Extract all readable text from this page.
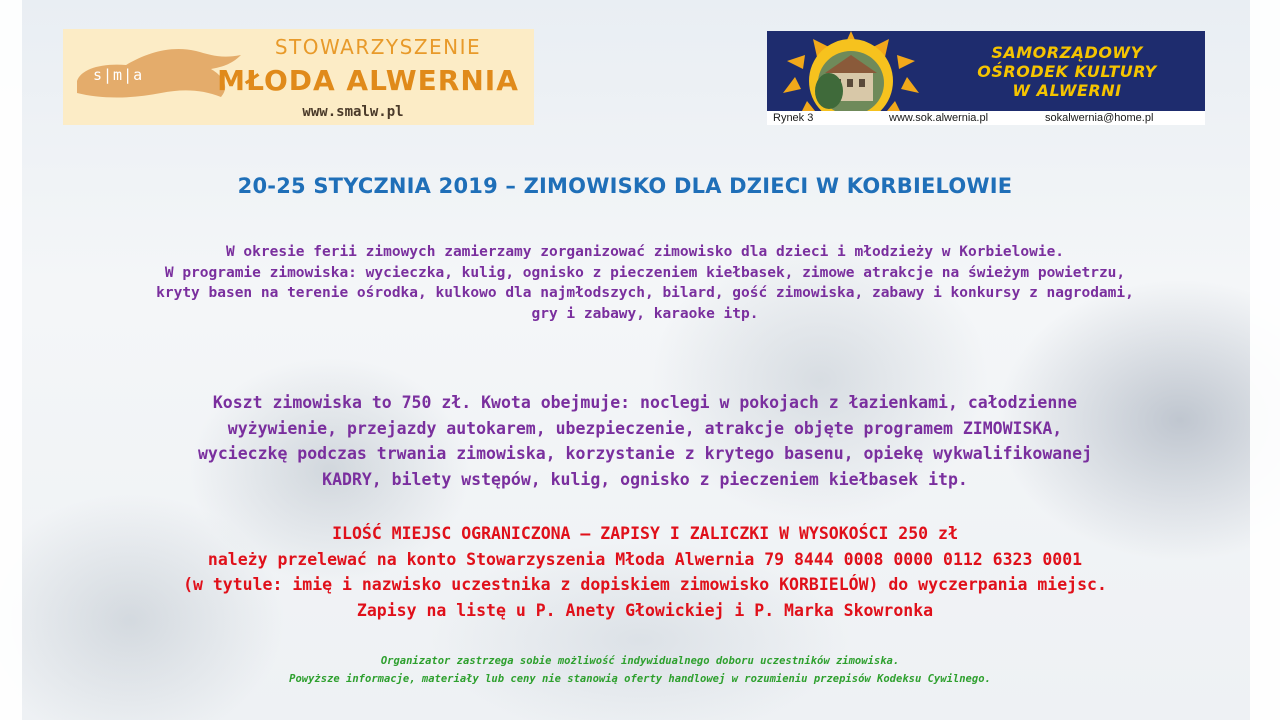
s|m|a
STOWARZYSZENIE
MŁODA ALWERNIA
www.smalw.pl
SAMORZĄDOWY
OŚRODEK KULTURY
W ALWERNI
Rynek 3	www.sok.alwernia.pl	sokalwernia@home.pl
20-25 STYCZNIA 2019 – ZIMOWISKO DLA DZIECI W KORBIELOWIE
W okresie ferii zimowych zamierzamy zorganizować zimowisko dla dzieci i młodzieży w Korbielowie.
W programie zimowiska: wycieczka, kulig, ognisko z pieczeniem kiełbasek, zimowe atrakcje na świeżym powietrzu,
kryty basen na terenie ośrodka, kulkowo dla najmłodszych, bilard, gość zimowiska, zabawy i konkursy z nagrodami,
gry i zabawy, karaoke itp.
Koszt zimowiska to 750 zł. Kwota obejmuje: noclegi w pokojach z łazienkami, całodzienne
wyżywienie, przejazdy autokarem, ubezpieczenie, atrakcje objęte programem ZIMOWISKA,
wycieczkę podczas trwania zimowiska, korzystanie z krytego basenu, opiekę wykwalifikowanej
KADRY, bilety wstępów, kulig, ognisko z pieczeniem kiełbasek itp.
ILOŚĆ MIEJSC OGRANICZONA – ZAPISY I ZALICZKI W WYSOKOŚCI 250 zł
należy przelewać na konto Stowarzyszenia Młoda Alwernia 79 8444 0008 0000 0112 6323 0001
(w tytule: imię i nazwisko uczestnika z dopiskiem zimowisko KORBIELÓW) do wyczerpania miejsc.
Zapisy na listę u P. Anety Głowickiej i P. Marka Skowronka
Organizator zastrzega sobie możliwość indywidualnego doboru uczestników zimowiska.
Powyższe informacje, materiały lub ceny nie stanowią oferty handlowej w rozumieniu przepisów Kodeksu Cywilnego.
